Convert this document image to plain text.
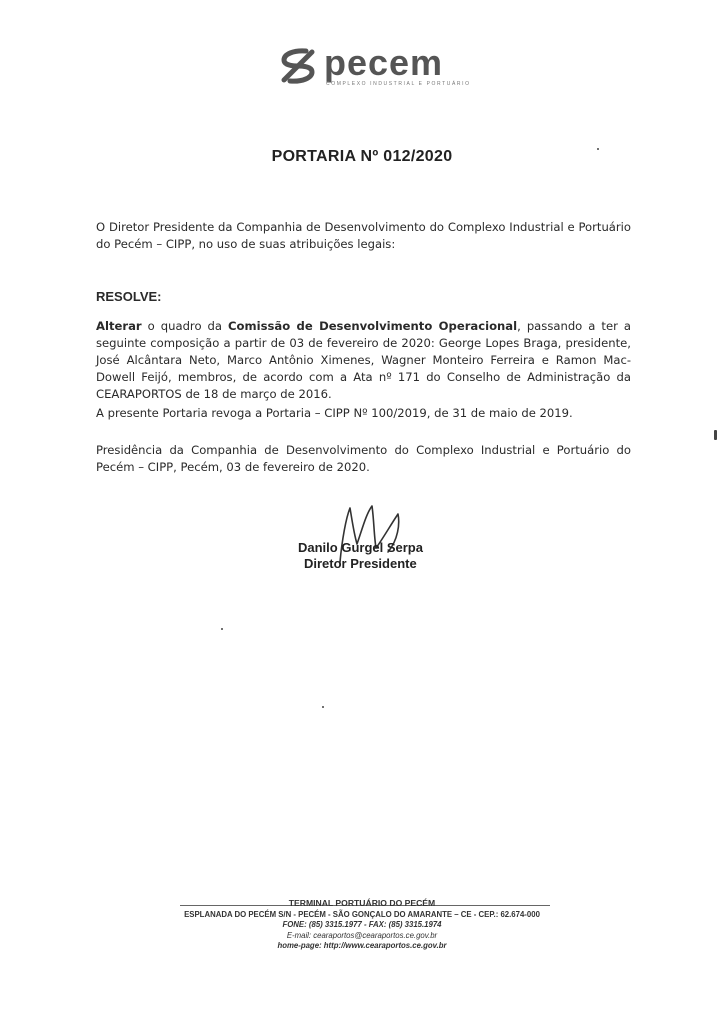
pecem
COMPLEXO INDUSTRIAL E PORTUÁRIO
PORTARIA Nº 012/2020
O Diretor Presidente da Companhia de Desenvolvimento do Complexo Industrial e Portuário do Pecém – CIPP, no uso de suas atribuições legais:
RESOLVE:
Alterar o quadro da Comissão de Desenvolvimento Operacional, passando a ter a seguinte composição a partir de 03 de fevereiro de 2020: George Lopes Braga, presidente, José Alcântara Neto, Marco Antônio Ximenes, Wagner Monteiro Ferreira e Ramon Mac-Dowell Feijó, membros, de acordo com a Ata nº 171 do Conselho de Administração da CEARAPORTOS de 18 de março de 2016.
A presente Portaria revoga a Portaria – CIPP Nº 100/2019, de 31 de maio de 2019.
Presidência da Companhia de Desenvolvimento do Complexo Industrial e Portuário do Pecém – CIPP, Pecém, 03 de fevereiro de 2020.
Danilo Gurgel Serpa
Diretor Presidente
TERMINAL PORTUÁRIO DO PECÉM
ESPLANADA DO PECÉM S/N - PECÉM - SÃO GONÇALO DO AMARANTE – CE - CEP.: 62.674-000
FONE: (85) 3315.1977 - FAX: (85) 3315.1974
E-mail: cearaportos@cearaportos.ce.gov.br
home-page: http://www.cearaportos.ce.gov.br
